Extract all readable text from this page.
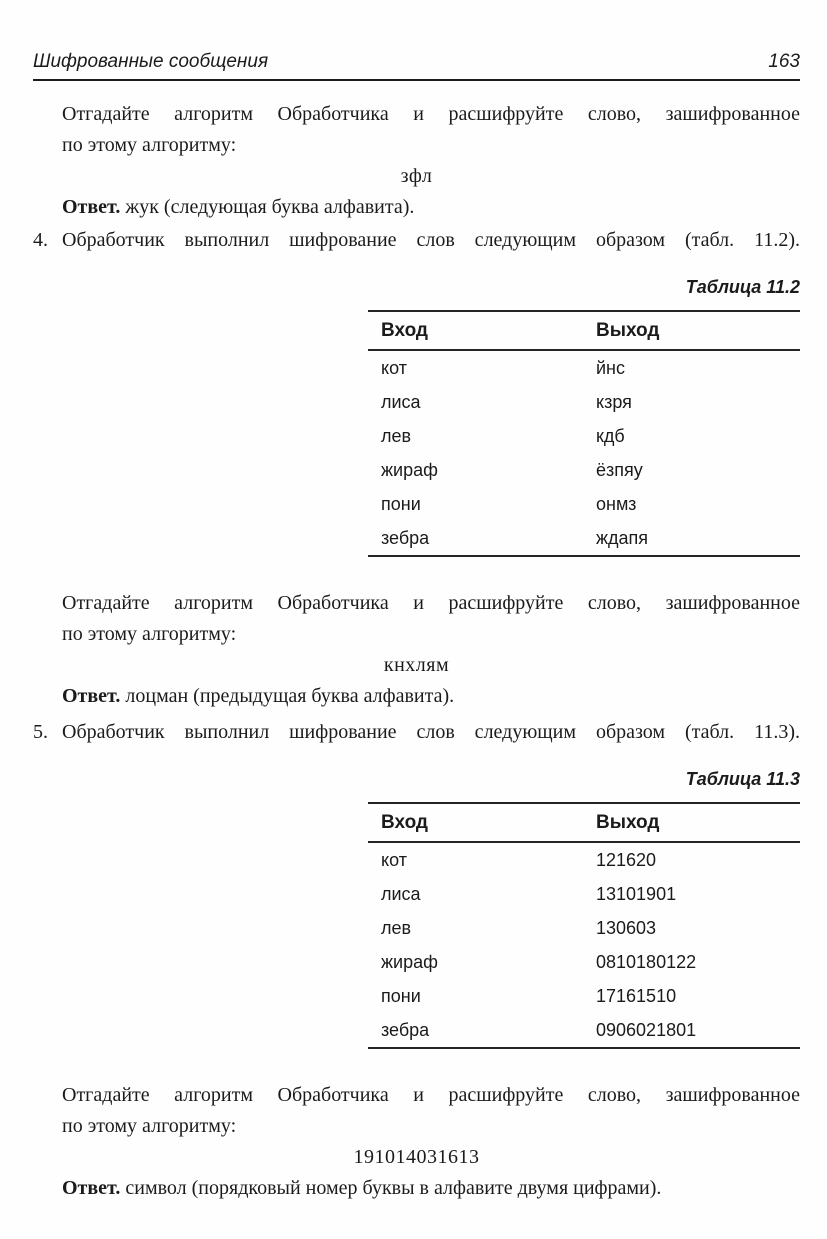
Шифрованные сообщения	163

Отгадайте алгоритм Обработчика и расшифруйте слово, зашифрованное
по этому алгоритму:

зфл

Ответ. жук (следующая буква алфавита).

4. Обработчик выполнил шифрование слов следующим образом (табл. 11.2).
Таблица 11.2
Вход	Выход
кот	йнс
лиса	кзря
лев	кдб
жираф	ёзпяу
пони	онмз
зебра	ждапя

Отгадайте алгоритм Обработчика и расшифруйте слово, зашифрованное
по этому алгоритму:

кнхлям

Ответ. лоцман (предыдущая буква алфавита).

5. Обработчик выполнил шифрование слов следующим образом (табл. 11.3).
Таблица 11.3
Вход	Выход
кот	121620
лиса	13101901
лев	130603
жираф	0810180122
пони	17161510
зебра	0906021801

Отгадайте алгоритм Обработчика и расшифруйте слово, зашифрованное
по этому алгоритму:

191014031613

Ответ. символ (порядковый номер буквы в алфавите двумя цифрами).
